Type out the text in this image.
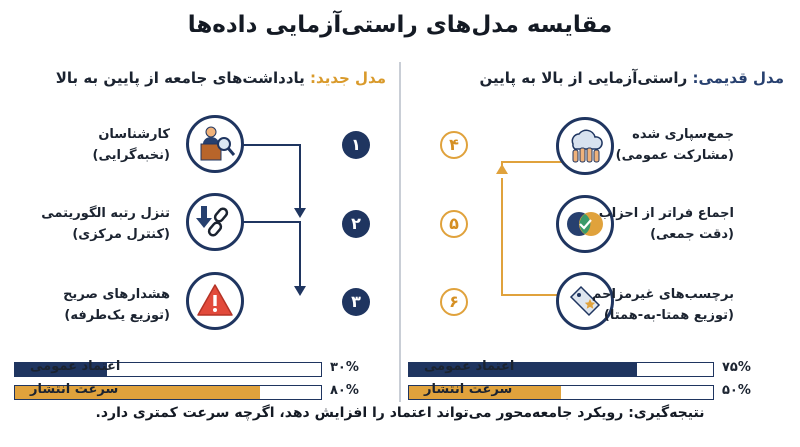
مقایسه مدل‌های راستی‌آزمایی داده‌ها
مدل جدید: یادداشت‌های جامعه از پایین به بالا
۴
جمع‌سپاری شده
(مشارکت عمومی)
۵
اجماع فراتر از احزاب
(دقت جمعی)
۶	برچسب‌های غیرمزاحم
(توزیع همتا-به-همتا)
۷۵%
اعتماد عمومی
۵۰%
سرعت انتشار
مدل قدیمی: راستی‌آزمایی از بالا به پایین
۱
کارشناسان
(نخبه‌گرایی)
۲
تنزل رتبه الگوریتمی
(کنترل مرکزی)
۳
هشدارهای صریح
(توزیع یک‌طرفه)
۳۰%
اعتماد عمومی
۸۰%
سرعت انتشار
نتیجه‌گیری: رویکرد جامعه‌محور می‌تواند اعتماد را افزایش دهد، اگرچه سرعت کمتری دارد.
